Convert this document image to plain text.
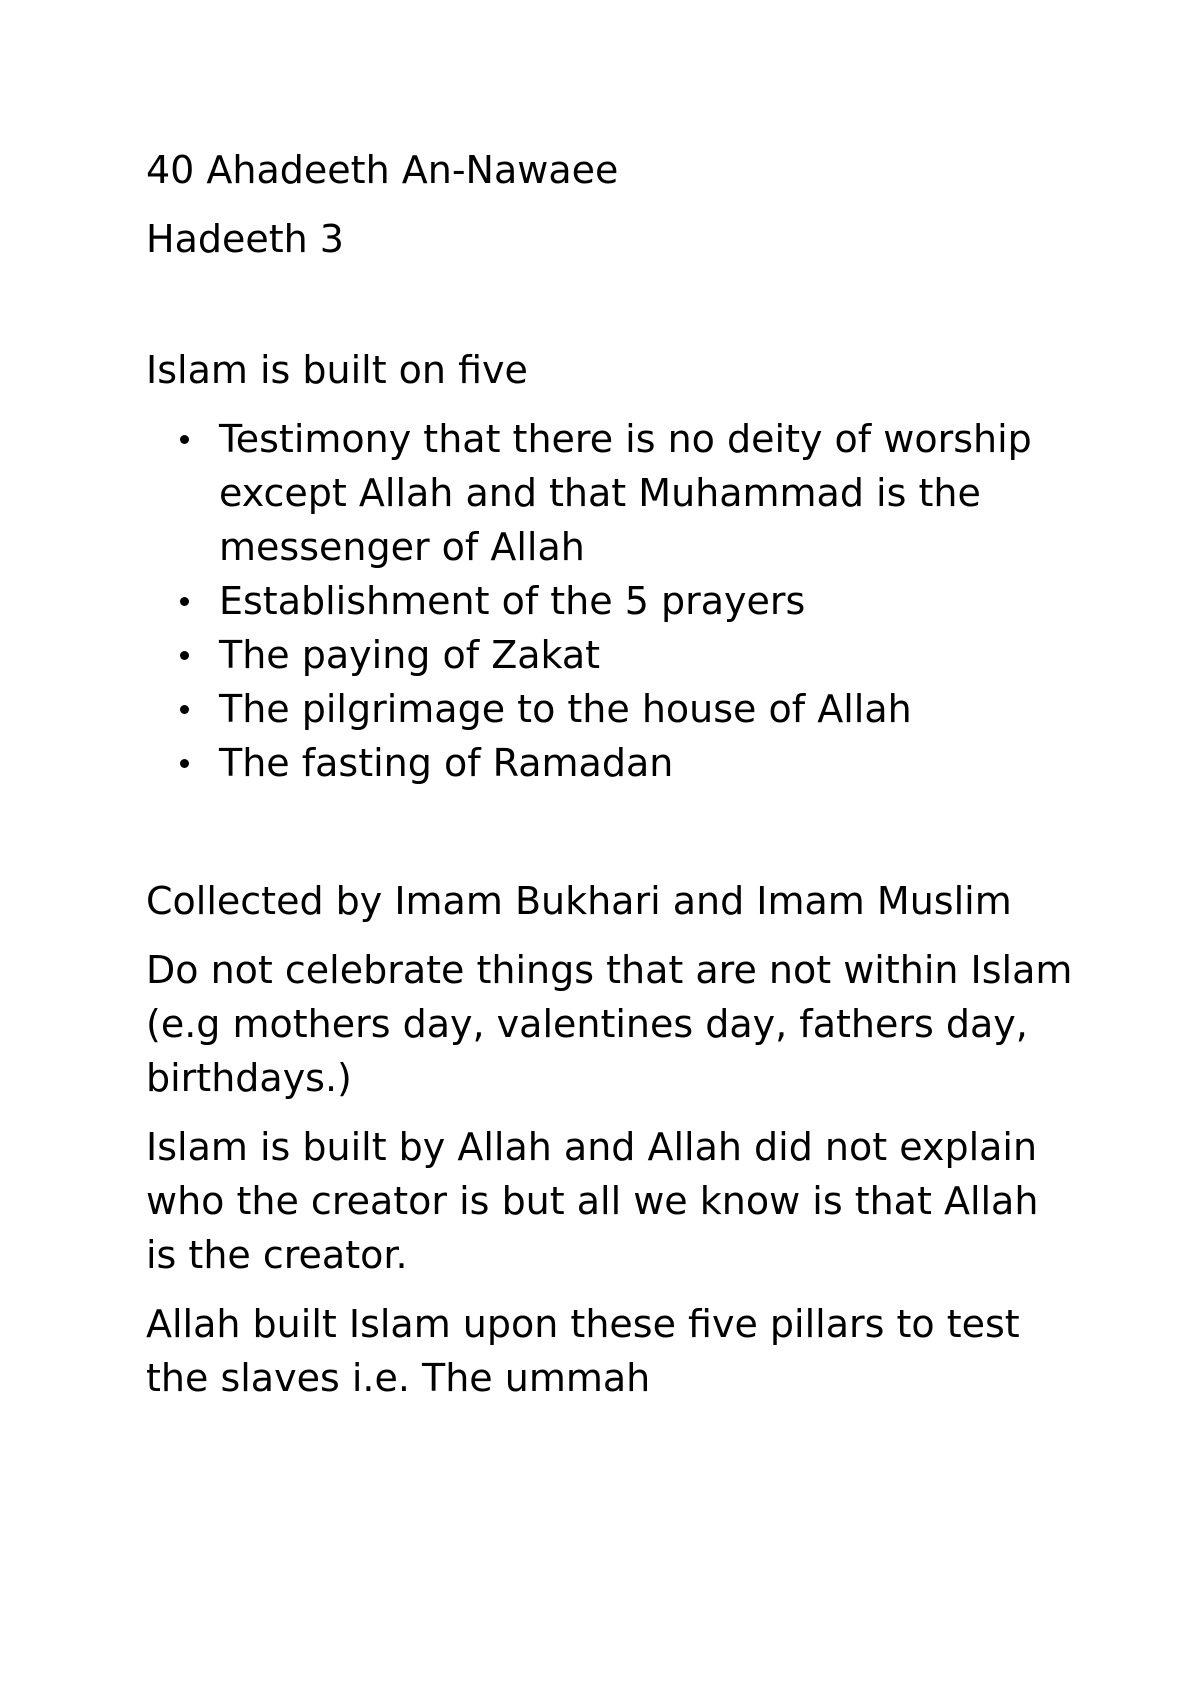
40 Ahadeeth An-Nawaee

Hadeeth 3

Islam is built on five

Testimony that there is no deity of worship except Allah and that Muhammad is the messenger of Allah
Establishment of the 5 prayers
The paying of Zakat
The pilgrimage to the house of Allah
The fasting of Ramadan

Collected by Imam Bukhari and Imam Muslim

Do not celebrate things that are not within Islam (e.g mothers day, valentines day, fathers day, birthdays.)

Islam is built by Allah and Allah did not explain who the creator is but all we know is that Allah is the creator.

Allah built Islam upon these five pillars to test the slaves i.e. The ummah
